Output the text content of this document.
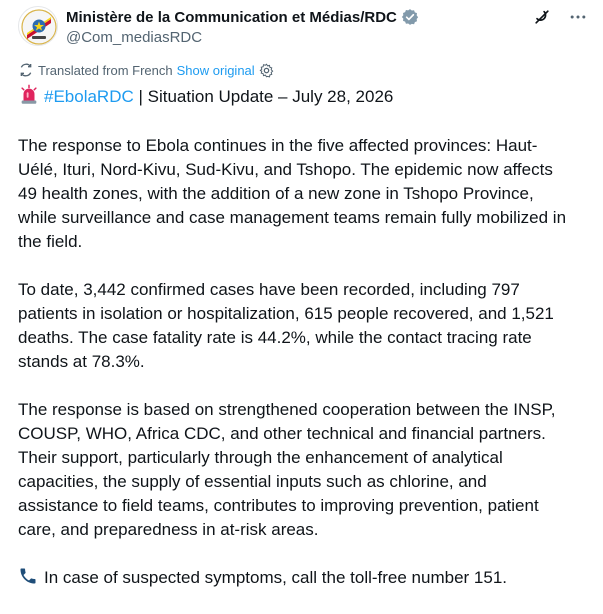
Ministère de la Communication et Médias/RDC
@Com_mediasRDC
Translated from French Show original
#EbolaRDC | Situation Update – July 28, 2026

The response to Ebola continues in the five affected provinces: Haut-
Uélé, Ituri, Nord-Kivu, Sud-Kivu, and Tshopo. The epidemic now affects
49 health zones, with the addition of a new zone in Tshopo Province,
while surveillance and case management teams remain fully mobilized in
the field.

To date, 3,442 confirmed cases have been recorded, including 797
patients in isolation or hospitalization, 615 people recovered, and 1,521
deaths. The case fatality rate is 44.2%, while the contact tracing rate
stands at 78.3%.

The response is based on strengthened cooperation between the INSP,
COUSP, WHO, Africa CDC, and other technical and financial partners.
Their support, particularly through the enhancement of analytical
capacities, the supply of essential inputs such as chlorine, and
assistance to field teams, contributes to improving prevention, patient
care, and preparedness in at-risk areas.

In case of suspected symptoms, call the toll-free number 151.
